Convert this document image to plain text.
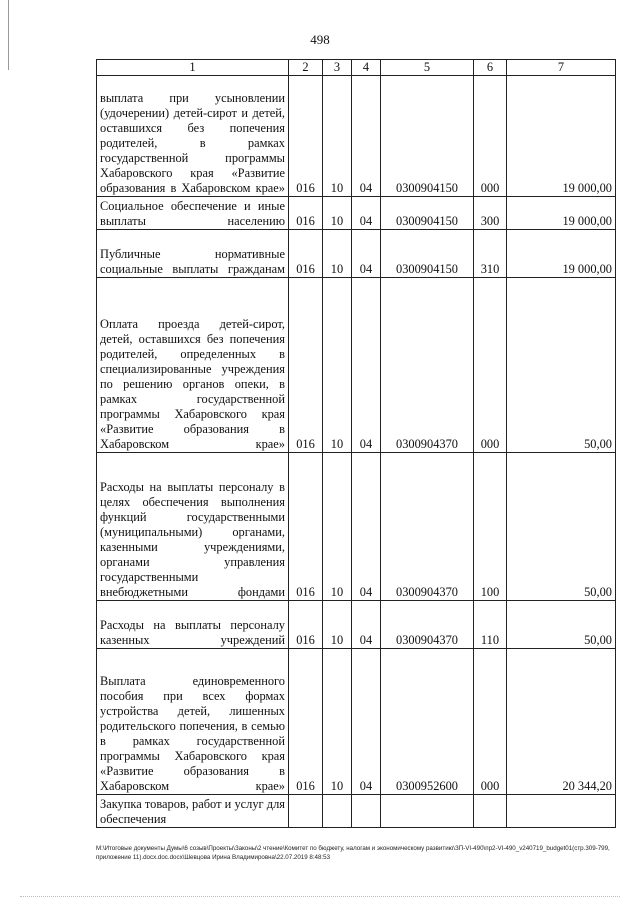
498
1	2	3	4	5	6	7
выплата при усыновлении (удочерении) детей-сирот и детей, оставшихся без попечения родителей, в рамках государственной программы Хабаровского края «Развитие образования в Хабаровском крае»	016	10	04	0300904150	000	19 000,00
Социальное обеспечение и иные выплаты населению	016	10	04	0300904150	300	19 000,00
Публичные нормативные социальные выплаты гражданам	016	10	04	0300904150	310	19 000,00
Оплата проезда детей-сирот, детей, оставшихся без попечения родителей, определенных в специализированные учреждения по решению органов опеки, в рамках государственной программы Хабаровского края «Развитие образования в Хабаровском крае»	016	10	04	0300904370	000	50,00
Расходы на выплаты персоналу в целях обеспечения выполнения функций государственными (муниципальными) органами, казенными учреждениями, органами управления государственными внебюджетными фондами	016	10	04	0300904370	100	50,00
Расходы на выплаты персоналу казенных учреждений	016	10	04	0300904370	110	50,00
Выплата единовременного пособия при всех формах устройства детей, лишенных родительского попечения, в семью в рамках государственной программы Хабаровского края «Развитие образования в Хабаровском крае»	016	10	04	0300952600	000	20 344,20
Закупка товаров, работ и услуг для обеспечения						
M:\Итоговые документы Думы\6 созыв\Проекты\Законы\2 чтение\Комитет по бюджету, налогам и экономическому развитию\ЗП-VI-490\пр2-VI-490_v240719_budget01(стр.309-799, приложение 11).docx.doc.docx\Шевцова Ирина Владимировна\22.07.2019 8:48:53
